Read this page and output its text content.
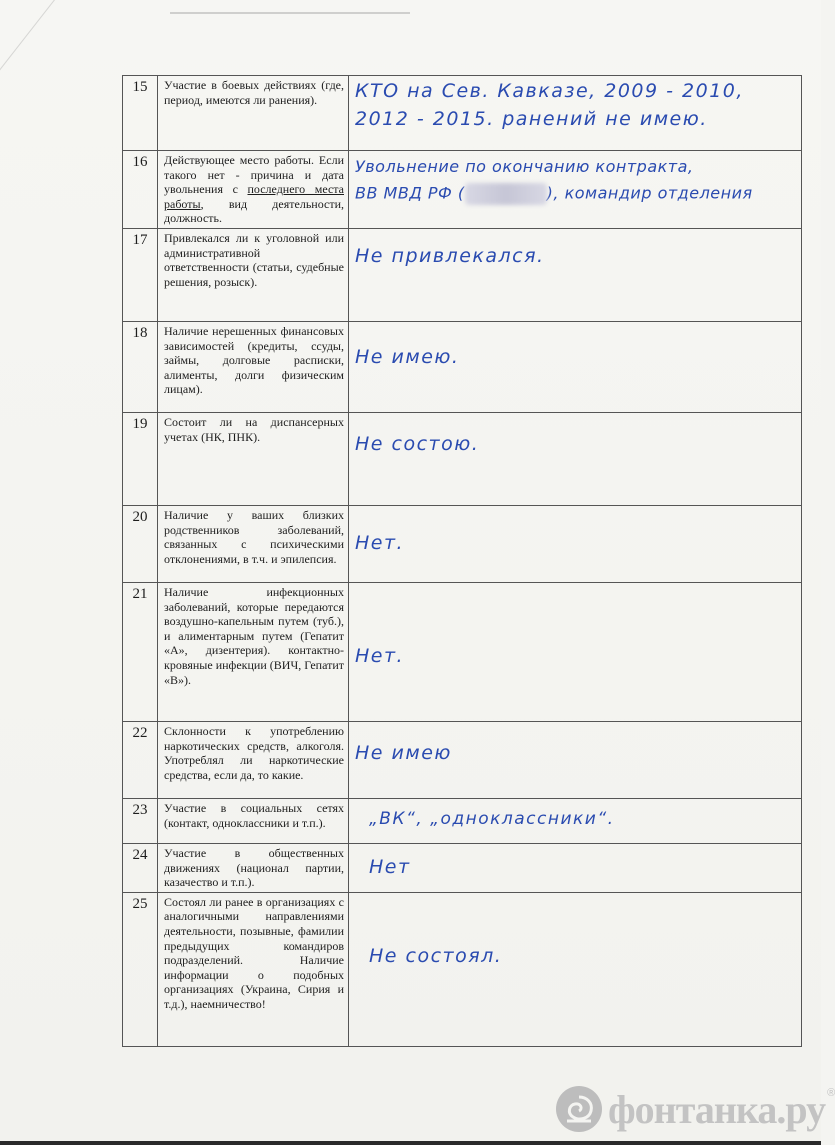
15	Участие в боевых действиях (где, период, имеются ли ранения).	КТО на Сев. Кавказе, 2009 - 2010,
2012 - 2015. ранений не имею.

16	Действующее место работы. Если такого нет - причина и дата увольнения с последнего места работы, вид деятельности, должность.	Увольнение по окончанию контракта,
ВВ МВД РФ ( ), командир отделения

17	Привлекался ли к уголовной или административной ответственности (статьи, судебные решения, розыск).	Не привлекался.

18	Наличие нерешенных финансовых зависимостей (кредиты, ссуды, займы, долговые расписки, алименты, долги физическим лицам).	Не имею.

19	Состоит ли на диспансерных учетах (НК, ПНК).	Не состою.

20	Наличие у ваших близких родственников заболеваний, связанных с психическими отклонениями, в т.ч. и эпилепсия.	Нет.

21	Наличие инфекционных заболеваний, которые передаются воздушно-капельным путем (туб.), и алиментарным путем (Гепатит «А», дизентерия). контактно-кровяные инфекции (ВИЧ, Гепатит «В»).	Нет.

22	Склонности к употреблению наркотических средств, алкоголя. Употреблял ли наркотические средства, если да, то какие.	Не имею

23	Участие в социальных сетях (контакт, одноклассники и т.п.).	„ВК“, „одноклассники“.

24	Участие в общественных движениях (национал партии, казачество и т.п.).	Нет

25	Состоял ли ранее в организациях с аналогичными направлениями деятельности, позывные, фамилии предыдущих командиров подразделений. Наличие информации о подобных организациях (Украина, Сирия и т.д.), наемничество!	Не состоял.
фонтанка.ру ®
